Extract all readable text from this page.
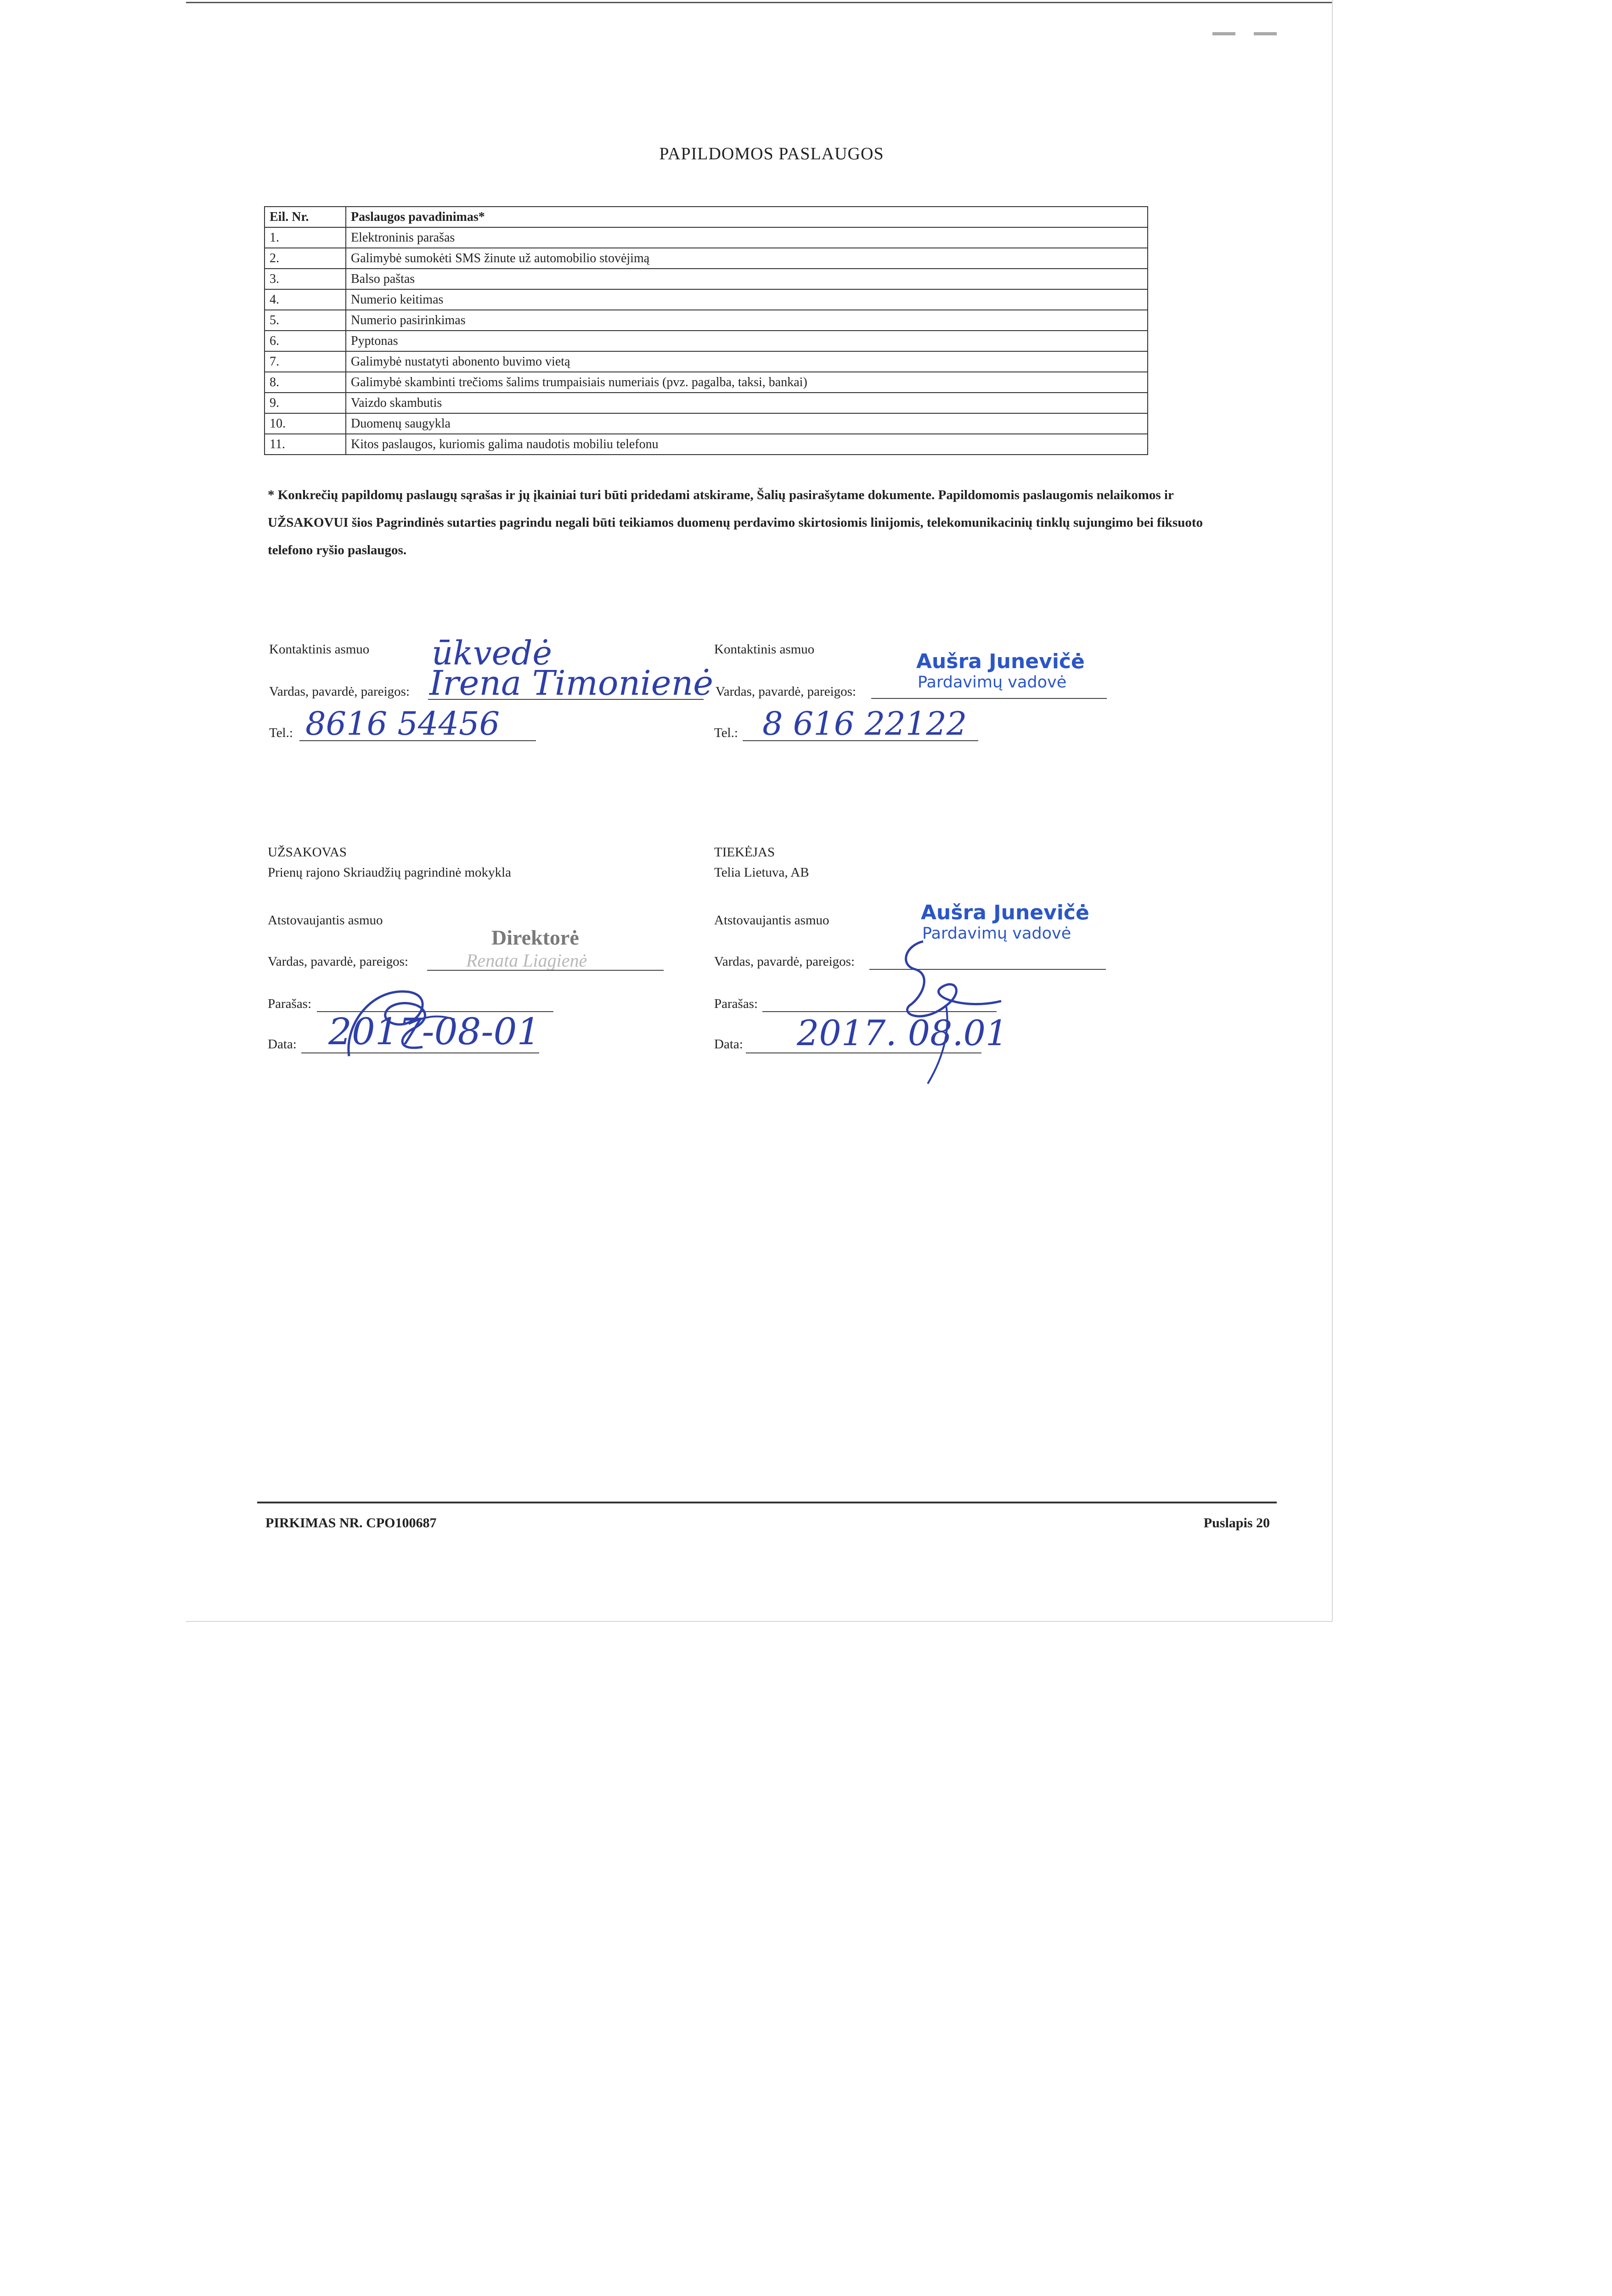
PAPILDOMOS PASLAUGOS
Eil. Nr.	Paslaugos pavadinimas*
1.	Elektroninis parašas
2.	Galimybė sumokėti SMS žinute už automobilio stovėjimą
3.	Balso paštas
4.	Numerio keitimas
5.	Numerio pasirinkimas
6.	Pyptonas
7.	Galimybė nustatyti abonento buvimo vietą
8.	Galimybė skambinti trečioms šalims trumpaisiais numeriais (pvz. pagalba, taksi, bankai)
9.	Vaizdo skambutis
10.	Duomenų saugykla
11.	Kitos paslaugos, kuriomis galima naudotis mobiliu telefonu
* Konkrečių papildomų paslaugų sąrašas ir jų įkainiai turi būti pridedami atskirame, Šalių pasirašytame dokumente. Papildomomis paslaugomis nelaikomos ir UŽSAKOVUI šios Pagrindinės sutarties pagrindu negali būti teikiamos duomenų perdavimo skirtosiomis linijomis, telekomunikacinių tinklų sujungimo bei fiksuoto telefono ryšio paslaugos.
Kontaktinis asmuo ūkvedė
Vardas, pavardė, pareigos: Irena Timonienė
Tel.: 8616 54456
Kontaktinis asmuo
Aušra Junevičė
Pardavimų vadovė
Vardas, pavardė, pareigos:
Tel.: 8 616 22122
UŽSAKOVAS
Prienų rajono Skriaudžių pagrindinė mokykla
Atstovaujantis asmuo
Direktorė
Vardas, pavardė, pareigos:	Renata Liagienė
Parašas:
Data: 2017-08-01
TIEKĖJAS
Telia Lietuva, AB
Atstovaujantis asmuo	Aušra Junevičė
Pardavimų vadovė
Vardas, pavardė, pareigos:
Parašas:
Data: 2017. 08.01
PIRKIMAS NR. CPO100687	Puslapis 20
